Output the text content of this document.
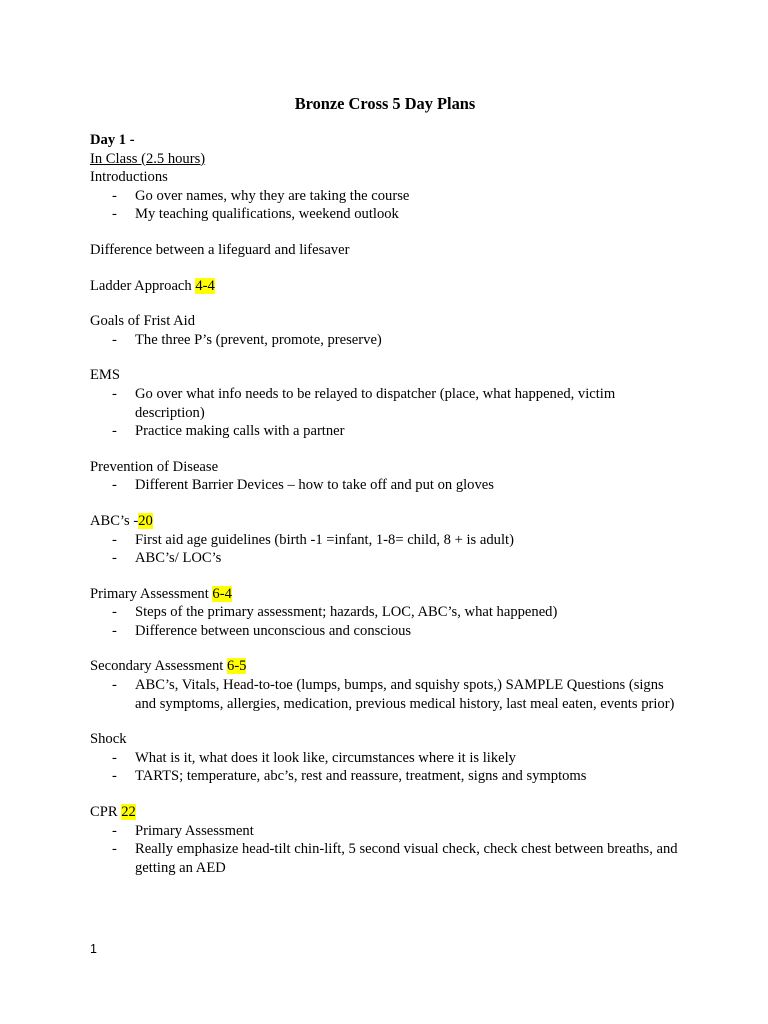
Bronze Cross 5 Day Plans

Day 1 -

In Class (2.5 hours)

Introductions

- Go over names, why they are taking the course
- My teaching qualifications, weekend outlook

Difference between a lifeguard and lifesaver

Ladder Approach 4-4

Goals of Frist Aid

- The three P’s (prevent, promote, preserve)

EMS

- Go over what info needs to be relayed to dispatcher (place, what happened, victim description)
- Practice making calls with a partner

Prevention of Disease

- Different Barrier Devices – how to take off and put on gloves

ABC’s -20

- First aid age guidelines (birth -1 =infant, 1-8= child, 8 + is adult)
- ABC’s/ LOC’s

Primary Assessment 6-4

- Steps of the primary assessment; hazards, LOC, ABC’s, what happened)
- Difference between unconscious and conscious

Secondary Assessment 6-5

- ABC’s, Vitals, Head-to-toe (lumps, bumps, and squishy spots,) SAMPLE Questions (signs and symptoms, allergies, medication, previous medical history, last meal eaten, events prior)

Shock

- What is it, what does it look like, circumstances where it is likely
- TARTS; temperature, abc’s, rest and reassure, treatment, signs and symptoms

CPR 22

- Primary Assessment
- Really emphasize head-tilt chin-lift, 5 second visual check, check chest between breaths, and getting an AED
1
